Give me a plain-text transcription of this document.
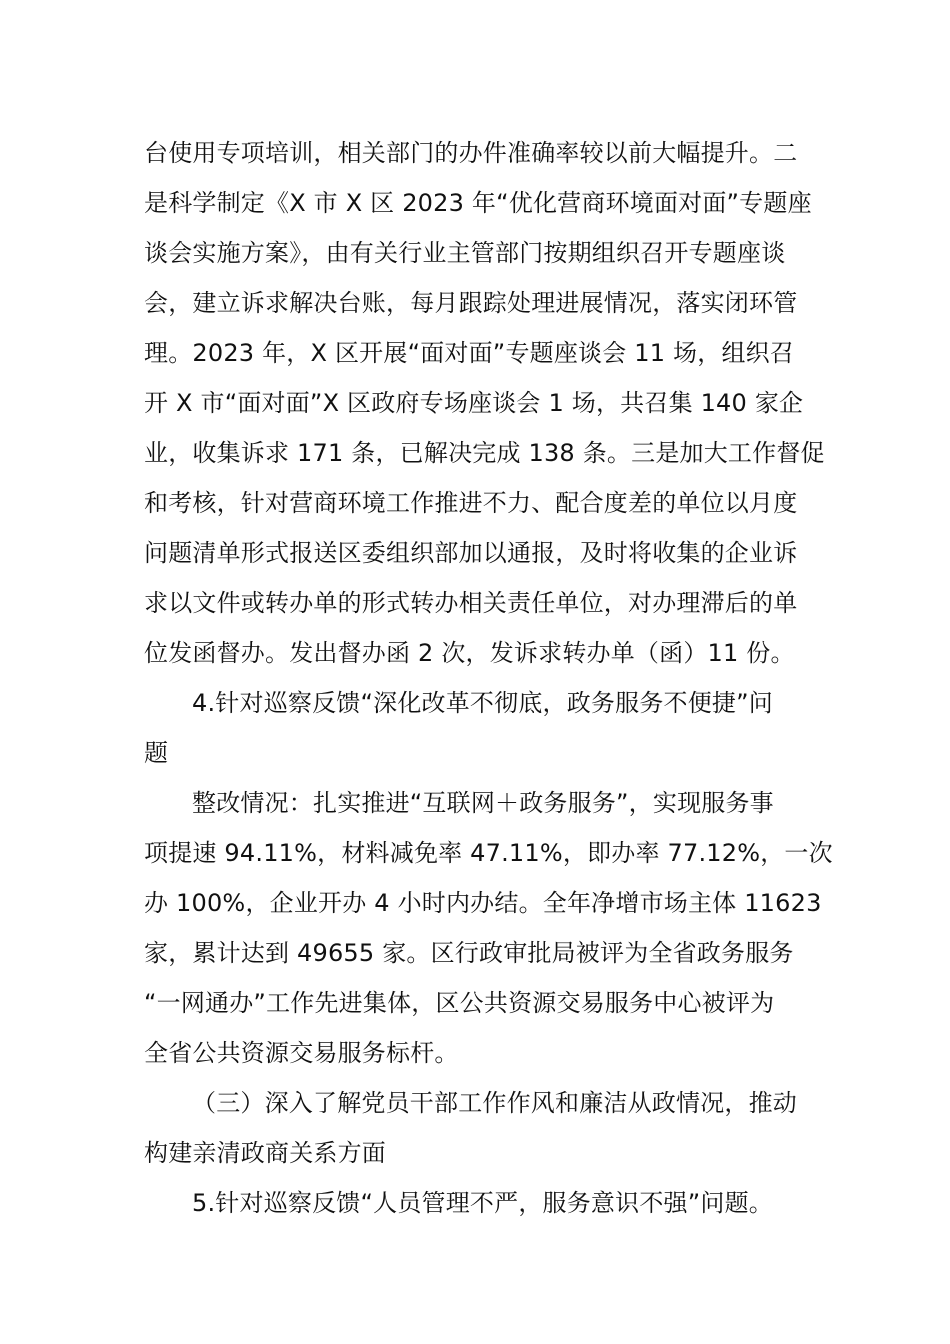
台使用专项培训，相关部门的办件准确率较以前大幅提升。二
是科学制定《X 市 X 区 2023 年“优化营商环境面对面”专题座
谈会实施方案》，由有关行业主管部门按期组织召开专题座谈
会，建立诉求解决台账，每月跟踪处理进展情况，落实闭环管
理。2023 年，X 区开展“面对面”专题座谈会 11 场，组织召
开 X 市“面对面”X 区政府专场座谈会 1 场，共召集 140 家企
业，收集诉求 171 条，已解决完成 138 条。三是加大工作督促
和考核，针对营商环境工作推进不力、配合度差的单位以月度
问题清单形式报送区委组织部加以通报，及时将收集的企业诉
求以文件或转办单的形式转办相关责任单位，对办理滞后的单
位发函督办。发出督办函 2 次，发诉求转办单（函）11 份。
4.针对巡察反馈“深化改革不彻底，政务服务不便捷”问
题
整改情况：扎实推进“互联网＋政务服务”，实现服务事
项提速 94.11%，材料减免率 47.11%，即办率 77.12%，一次
办 100%，企业开办 4 小时内办结。全年净增市场主体 11623
家，累计达到 49655 家。区行政审批局被评为全省政务服务
“一网通办”工作先进集体，区公共资源交易服务中心被评为
全省公共资源交易服务标杆。
（三）深入了解党员干部工作作风和廉洁从政情况，推动
构建亲清政商关系方面
5.针对巡察反馈“人员管理不严，服务意识不强”问题。
